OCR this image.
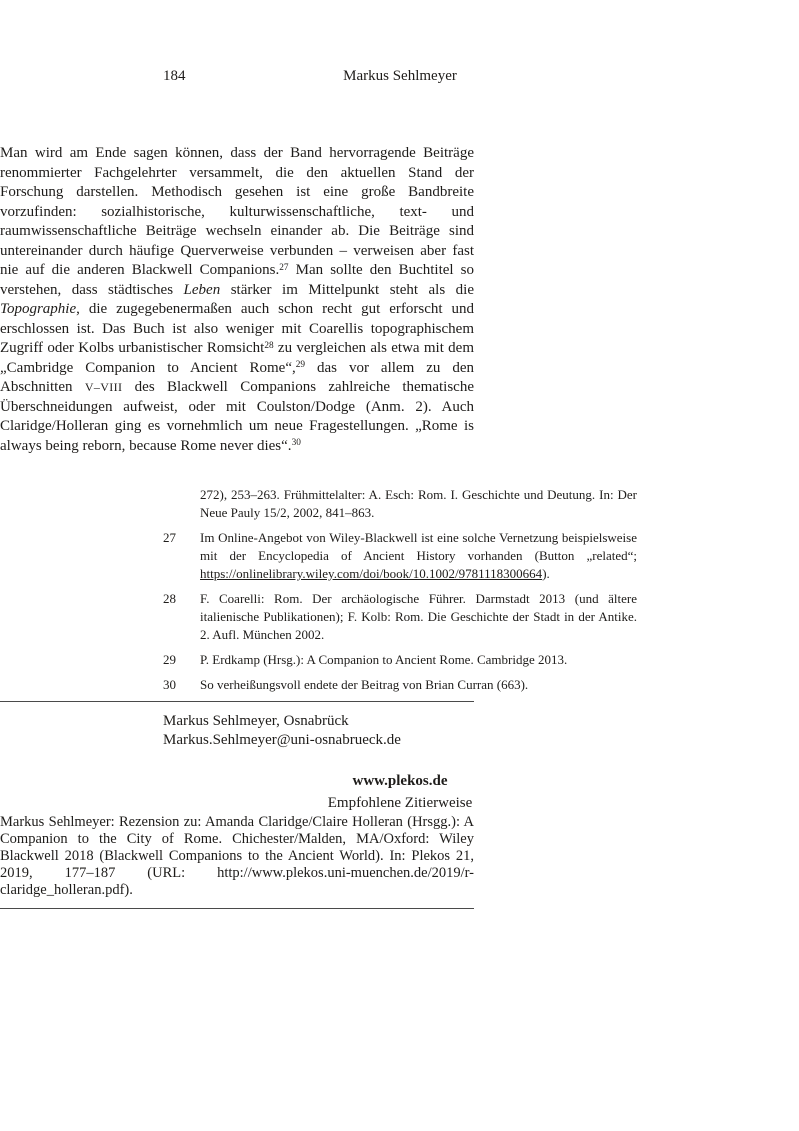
184	Markus Sehlmeyer

Man wird am Ende sagen können, dass der Band hervorragende Beiträge renommierter Fachgelehrter versammelt, die den aktuellen Stand der Forschung darstellen. Methodisch gesehen ist eine große Bandbreite vorzufinden: sozialhistorische, kulturwissenschaftliche, text- und raumwissenschaftliche Beiträge wechseln einander ab. Die Beiträge sind untereinander durch häufige Querverweise verbunden – verweisen aber fast nie auf die anderen Blackwell Companions.$^{27}$ Man sollte den Buchtitel so verstehen, dass städtisches Leben stärker im Mittelpunkt steht als die Topographie, die zugegebenermaßen auch schon recht gut erforscht und erschlossen ist. Das Buch ist also weniger mit Coarellis topographischem Zugriff oder Kolbs urbanistischer Romsicht$^{28}$ zu vergleichen als etwa mit dem „Cambridge Companion to Ancient Rome“,$^{29}$ das vor allem zu den Abschnitten V–VIII des Blackwell Companions zahlreiche thematische Überschneidungen aufweist, oder mit Coulston/Dodge (Anm. 2). Auch Claridge/Holleran ging es vornehmlich um neue Fragestellungen. „Rome is always being reborn, because Rome never dies“.$^{30}$

272), 253–263. Frühmittelalter: A. Esch: Rom. I. Geschichte und Deutung. In: Der Neue Pauly 15/2, 2002, 841–863.
27	Im Online-Angebot von Wiley-Blackwell ist eine solche Vernetzung beispielsweise mit der Encyclopedia of Ancient History vorhanden (Button „related“; https://onlinelibrary.wiley.com/doi/book/10.1002/9781118300664).
28	F. Coarelli: Rom. Der archäologische Führer. Darmstadt 2013 (und ältere italienische Publikationen); F. Kolb: Rom. Die Geschichte der Stadt in der Antike. 2. Aufl. München 2002.
29	P. Erdkamp (Hrsg.): A Companion to Ancient Rome. Cambridge 2013.
30	So verheißungsvoll endete der Beitrag von Brian Curran (663).
Markus Sehlmeyer, Osnabrück
Markus.Sehlmeyer@uni-osnabrueck.de
www.plekos.de
Empfohlene Zitierweise

Markus Sehlmeyer: Rezension zu: Amanda Claridge/Claire Holleran (Hrsgg.): A Companion to the City of Rome. Chichester/Malden, MA/Oxford: Wiley Blackwell 2018 (Blackwell Companions to the Ancient World). In: Plekos 21, 2019, 177–187 (URL: http://www.plekos.uni-muenchen.de/2019/r-claridge_holleran.pdf).
